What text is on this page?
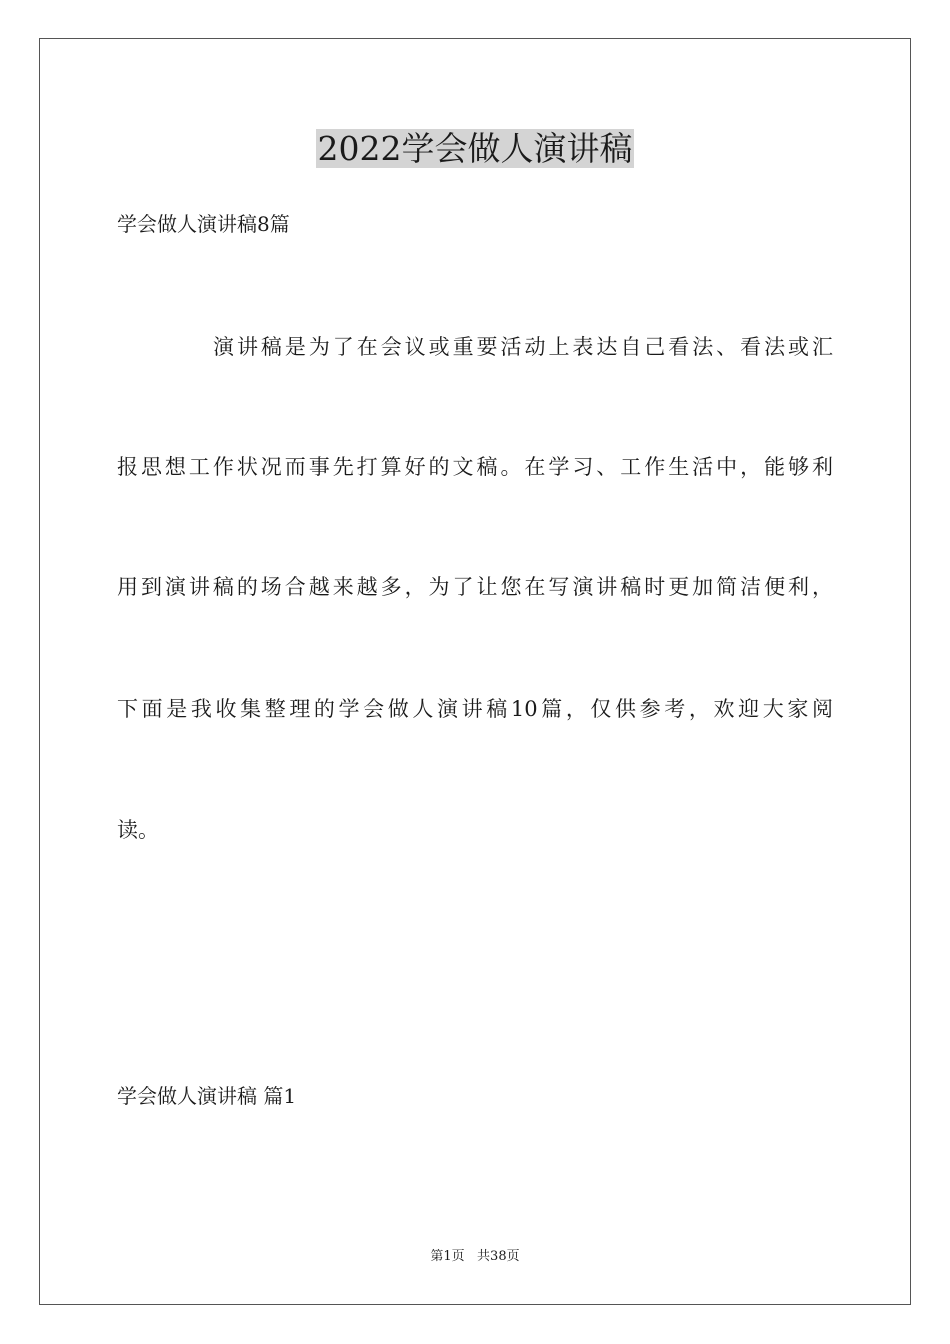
2022学会做人演讲稿
学会做人演讲稿8篇
演讲稿是为了在会议或重要活动上表达自己看法、看法或汇
报思想工作状况而事先打算好的文稿。在学习、工作生活中，能够利
用到演讲稿的场合越来越多，为了让您在写演讲稿时更加简洁便利，
下面是我收集整理的学会做人演讲稿10篇，仅供参考，欢迎大家阅
读。
学会做人演讲稿 篇1
第1页   共38页
